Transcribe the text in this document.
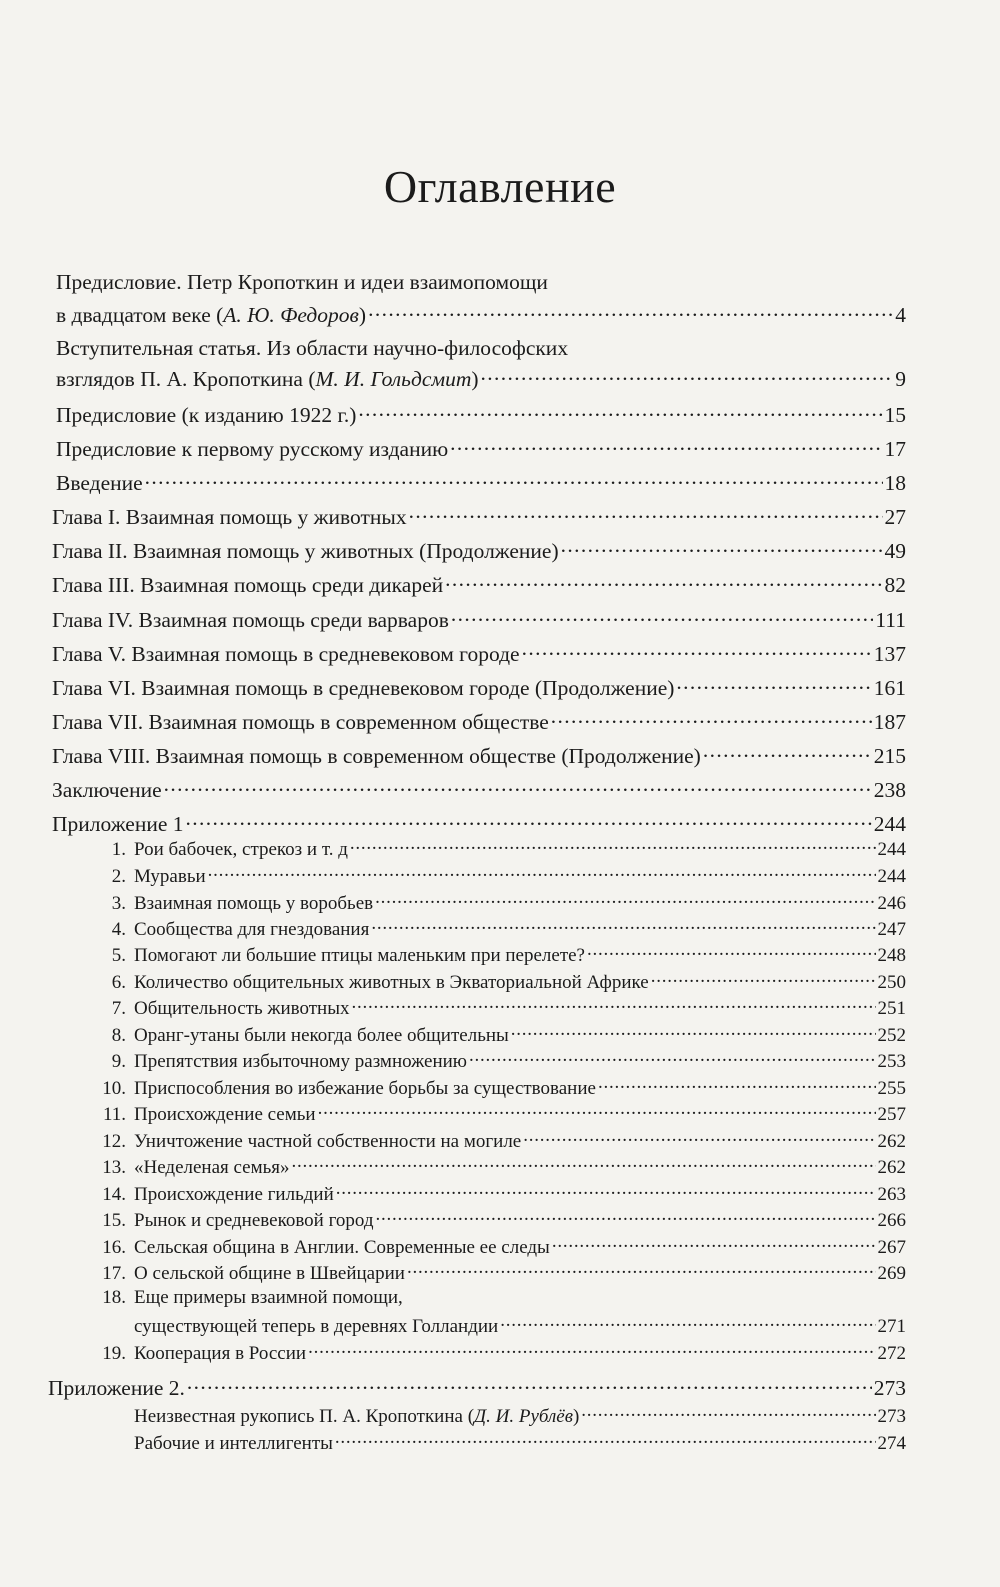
Оглавление
Предисловие. Петр Кропоткин и идеи взаимопомощи
в двадцатом веке (А. Ю. Федоров) . . .	4
Вступительная статья. Из области научно-философских
взглядов П. А. Кропоткина (М. И. Гольдсмит) . . .	9
Предисловие (к изданию 1922 г.) . . .	15
Предисловие к первому русскому изданию . . .	17
Введение . . .	18
Глава I. Взаимная помощь у животных . . .	27
Глава II. Взаимная помощь у животных (Продолжение) . . .	49
Глава III. Взаимная помощь среди дикарей . . .	82
Глава IV. Взаимная помощь среди варваров . . .	111
Глава V. Взаимная помощь в средневековом городе . . .	137
Глава VI. Взаимная помощь в средневековом городе (Продолжение) . . .	161
Глава VII. Взаимная помощь в современном обществе . . .	187
Глава VIII. Взаимная помощь в современном обществе (Продолжение) . . .	215
Заключение . . .	238
Приложение 1 . . .	244
1. Рои бабочек, стрекоз и т. д . . .	244
2. Муравьи . . .	244
3. Взаимная помощь у воробьев . . .	246
4. Сообщества для гнездования . . .	247
5. Помогают ли большие птицы маленьким при перелете? . . .	248
6. Количество общительных животных в Экваториальной Африке . . .	250
7. Общительность животных . . .	251
8. Оранг-утаны были некогда более общительны . . .	252
9. Препятствия избыточному размножению . . .	253
10. Приспособления во избежание борьбы за существование . . .	255
11. Происхождение семьи . . .	257
12. Уничтожение частной собственности на могиле . . .	262
13. «Неделеная семья» . . .	262
14. Происхождение гильдий . . .	263
15. Рынок и средневековой город . . .	266
16. Сельская община в Англии. Современные ее следы . . .	267
17. О сельской общине в Швейцарии . . .	269
18. Еще примеры взаимной помощи,
существующей теперь в деревнях Голландии . . .	271
19. Кооперация в России . . .	272
Приложение 2. . . .	273
Неизвестная рукопись П. А. Кропоткина (Д. И. Рублёв) . . .	273
Рабочие и интеллигенты . . .	274
